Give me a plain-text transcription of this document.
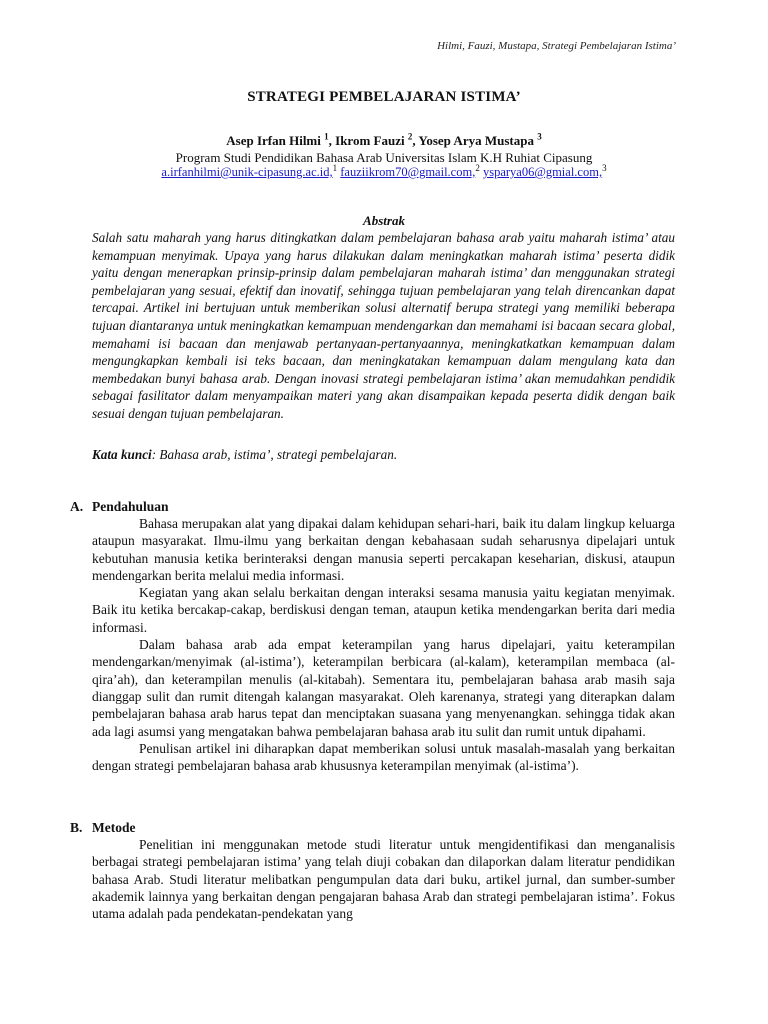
Hilmi, Fauzi, Mustapa, Strategi Pembelajaran Istima’
STRATEGI PEMBELAJARAN ISTIMA’
Asep Irfan Hilmi $^1$, Ikrom Fauzi $^2$, Yosep Arya Mustapa $^3$
Program Studi Pendidikan Bahasa Arab Universitas Islam K.H Ruhiat Cipasung
a.irfanhilmi@unik-cipasung.ac.id,$^1$ fauziikrom70@gmail.com,$^2$ ysparya06@gmial.com,$^3$
Abstrak
Salah satu maharah yang harus ditingkatkan dalam pembelajaran bahasa arab yaitu maharah istima’ atau kemampuan menyimak. Upaya yang harus dilakukan dalam meningkatkan maharah istima’ peserta didik yaitu dengan menerapkan prinsip-prinsip dalam pembelajaran maharah istima’ dan menggunakan strategi pembelajaran yang sesuai, efektif dan inovatif, sehingga tujuan pembelajaran yang telah direncankan dapat tercapai. Artikel ini bertujuan untuk memberikan solusi alternatif berupa strategi yang memiliki beberapa tujuan diantaranya untuk meningkatkan kemampuan mendengarkan dan memahami isi bacaan secara global, memahami isi bacaan dan menjawab pertanyaan-pertanyaannya, meningkatkatkan kemampuan dalam mengungkapkan kembali isi teks bacaan, dan meningkatakan kemampuan dalam mengulang kata dan membedakan bunyi bahasa arab. Dengan inovasi strategi pembelajaran istima’ akan memudahkan pendidik sebagai fasilitator dalam menyampaikan materi yang akan disampaikan kepada peserta didik dengan baik sesuai dengan tujuan pembelajaran.
Kata kunci: Bahasa arab, istima’, strategi pembelajaran.
A. Pendahuluan

Bahasa merupakan alat yang dipakai dalam kehidupan sehari-hari, baik itu dalam lingkup keluarga ataupun masyarakat. Ilmu-ilmu yang berkaitan dengan kebahasaan sudah seharusnya dipelajari untuk kebutuhan manusia ketika berinteraksi dengan manusia seperti percakapan keseharian, diskusi, ataupun mendengarkan berita melalui media informasi.

Kegiatan yang akan selalu berkaitan dengan interaksi sesama manusia yaitu kegiatan menyimak. Baik itu ketika bercakap-cakap, berdiskusi dengan teman, ataupun ketika mendengarkan berita dari media informasi.

Dalam bahasa arab ada empat keterampilan yang harus dipelajari, yaitu keterampilan mendengarkan/menyimak (al-istima’), keterampilan berbicara (al-kalam), keterampilan membaca (al-qira’ah), dan keterampilan menulis (al-kitabah). Sementara itu, pembelajaran bahasa arab masih saja dianggap sulit dan rumit ditengah kalangan masyarakat. Oleh karenanya, strategi yang diterapkan dalam pembelajaran bahasa arab harus tepat dan menciptakan suasana yang menyenangkan. sehingga tidak akan ada lagi asumsi yang mengatakan bahwa pembelajaran bahasa arab itu sulit dan rumit untuk dipahami.

Penulisan artikel ini diharapkan dapat memberikan solusi untuk masalah-masalah yang berkaitan dengan strategi pembelajaran bahasa arab khususnya keterampilan menyimak (al-istima’).

B. Metode

Penelitian ini menggunakan metode studi literatur untuk mengidentifikasi dan menganalisis berbagai strategi pembelajaran istima’ yang telah diuji cobakan dan dilaporkan dalam literatur pendidikan bahasa Arab. Studi literatur melibatkan pengumpulan data dari buku, artikel jurnal, dan sumber-sumber akademik lainnya yang berkaitan dengan pengajaran bahasa Arab dan strategi pembelajaran istima’. Fokus utama adalah pada pendekatan-pendekatan yang
